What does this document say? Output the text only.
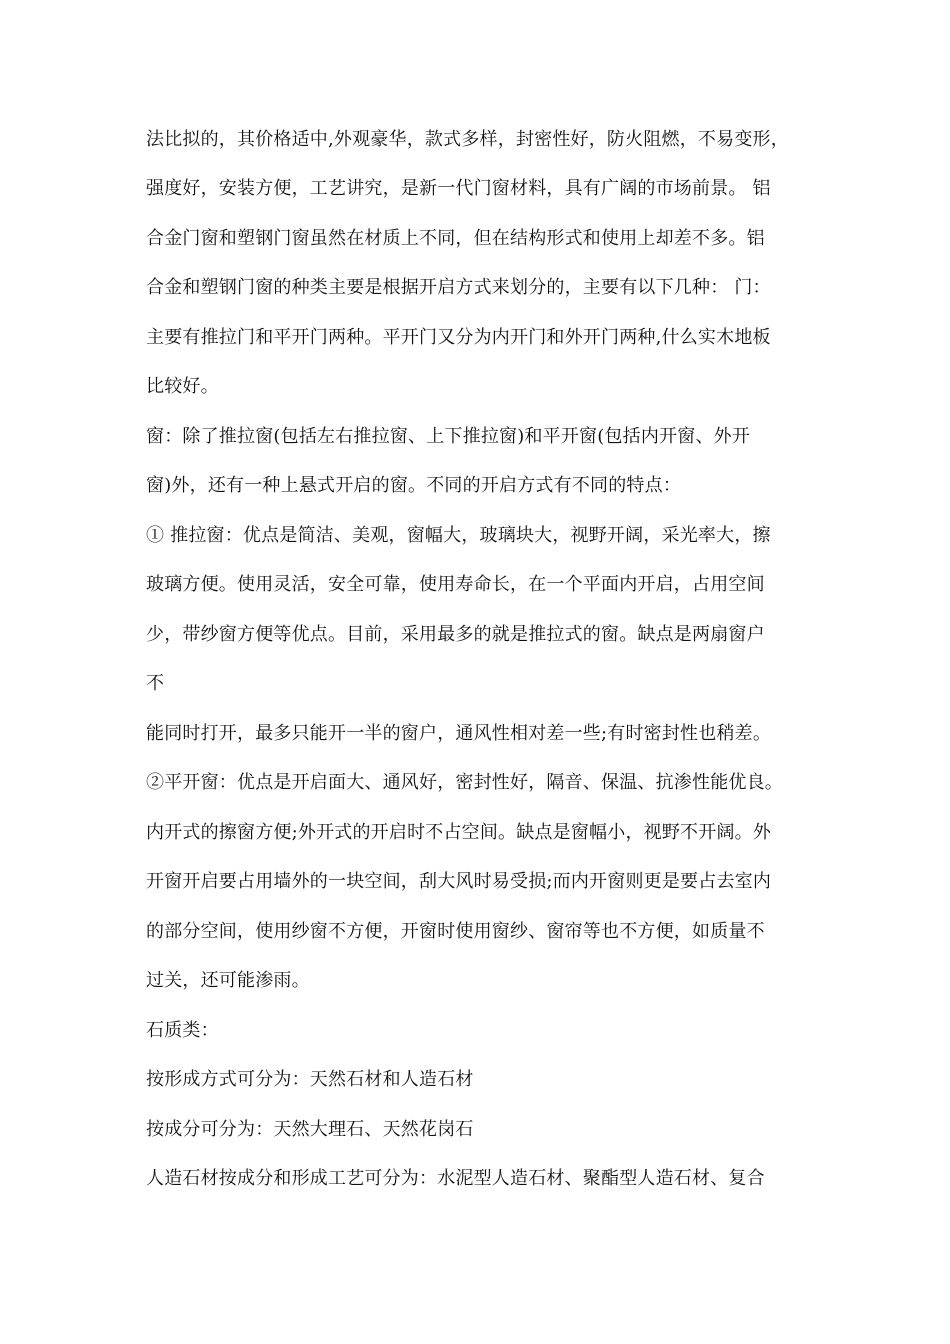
法比拟的，其价格适中,外观豪华，款式多样，封密性好，防火阻燃，不易变形，
强度好，安装方便，工艺讲究，是新一代门窗材料，具有广阔的市场前景。 铝
合金门窗和塑钢门窗虽然在材质上不同，但在结构形式和使用上却差不多。铝
合金和塑钢门窗的种类主要是根据开启方式来划分的，主要有以下几种： 门：
主要有推拉门和平开门两种。平开门又分为内开门和外开门两种,什么实木地板
比较好。
窗：除了推拉窗(包括左右推拉窗、上下推拉窗)和平开窗(包括内开窗、外开
窗)外，还有一种上悬式开启的窗。不同的开启方式有不同的特点：
① 推拉窗：优点是简洁、美观，窗幅大，玻璃块大，视野开阔，采光率大，擦
玻璃方便。使用灵活，安全可靠，使用寿命长，在一个平面内开启，占用空间
少，带纱窗方便等优点。目前，采用最多的就是推拉式的窗。缺点是两扇窗户
不
能同时打开，最多只能开一半的窗户，通风性相对差一些;有时密封性也稍差。
②平开窗：优点是开启面大、通风好，密封性好，隔音、保温、抗渗性能优良。
内开式的擦窗方便;外开式的开启时不占空间。缺点是窗幅小，视野不开阔。外
开窗开启要占用墙外的一块空间，刮大风时易受损;而内开窗则更是要占去室内
的部分空间，使用纱窗不方便，开窗时使用窗纱、窗帘等也不方便，如质量不
过关，还可能渗雨。
石质类：
按形成方式可分为：天然石材和人造石材
按成分可分为：天然大理石、天然花岗石
人造石材按成分和形成工艺可分为：水泥型人造石材、聚酯型人造石材、复合
